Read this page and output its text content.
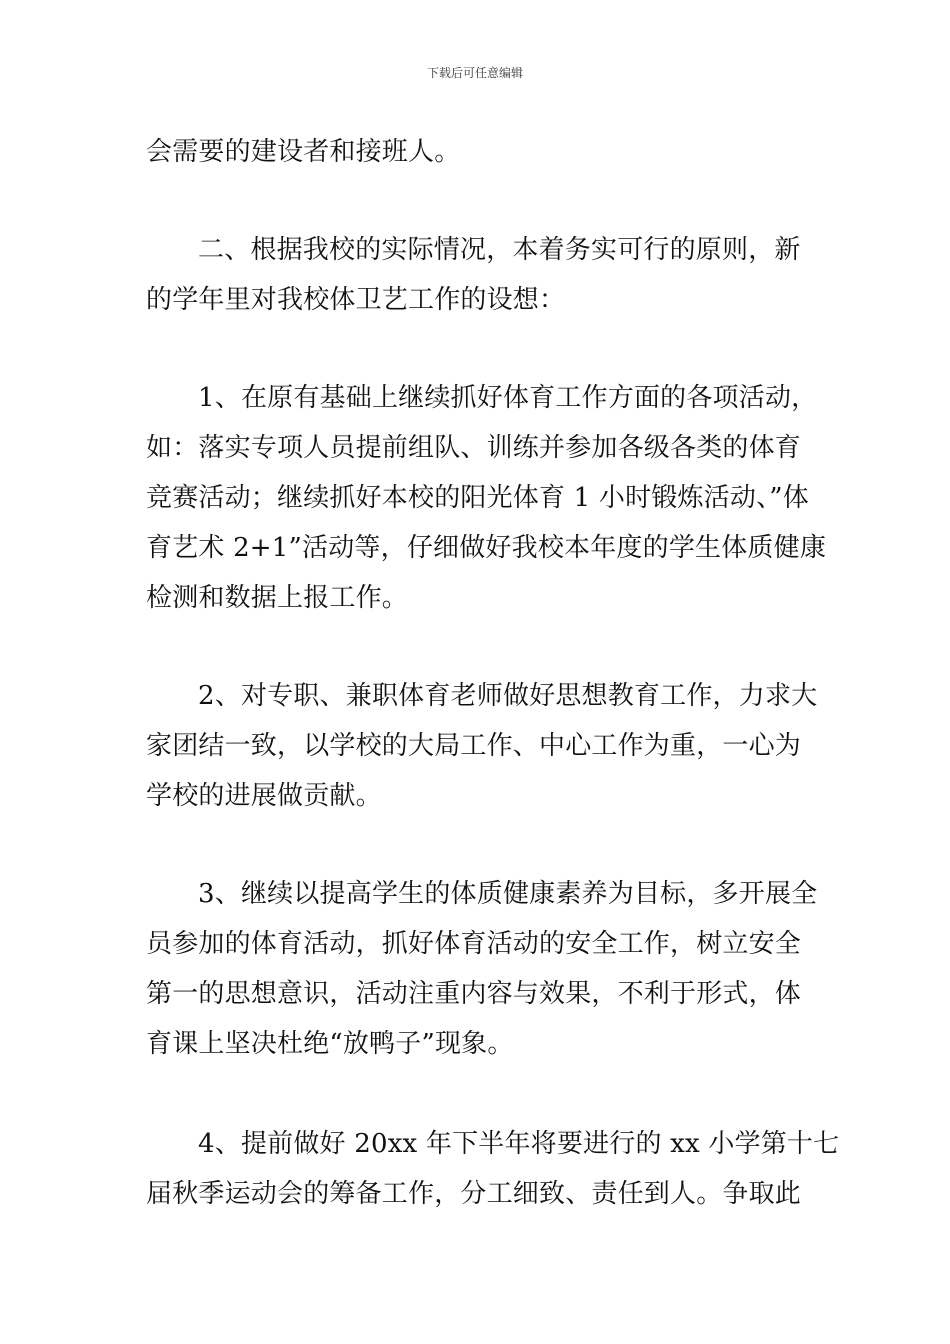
下载后可任意编辑
会需要的建设者和接班人。
二、根据我校的实际情况，本着务实可行的原则，新
的学年里对我校体卫艺工作的设想：
1、在原有基础上继续抓好体育工作方面的各项活动，
如：落实专项人员提前组队、训练并参加各级各类的体育
竞赛活动；继续抓好本校的阳光体育 1 小时锻炼活动、”体
育艺术 2+1”活动等，仔细做好我校本年度的学生体质健康
检测和数据上报工作。
2、对专职、兼职体育老师做好思想教育工作，力求大
家团结一致，以学校的大局工作、中心工作为重，一心为
学校的进展做贡献。
3、继续以提高学生的体质健康素养为目标，多开展全
员参加的体育活动，抓好体育活动的安全工作，树立安全
第一的思想意识，活动注重内容与效果，不利于形式，体
育课上坚决杜绝“放鸭子”现象。
4、提前做好 20xx 年下半年将要进行的 xx 小学第十七
届秋季运动会的筹备工作，分工细致、责任到人。争取此
